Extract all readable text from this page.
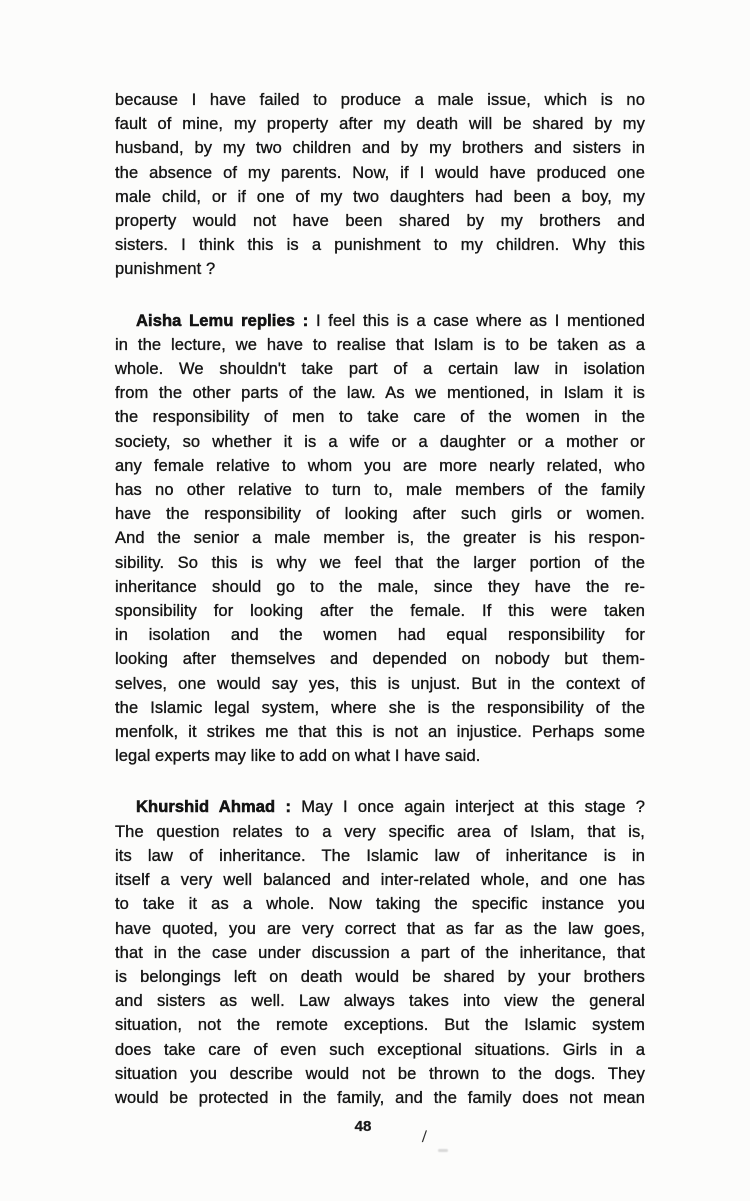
because I have failed to produce a male issue, which is no
fault of mine, my property after my death will be shared by my
husband, by my two children and by my brothers and sisters in
the absence of my parents. Now, if I would have produced one
male child, or if one of my two daughters had been a boy, my
property would not have been shared by my brothers and
sisters. I think this is a punishment to my children. Why this
punishment ?
Aisha Lemu replies : I feel this is a case where as I mentioned
in the lecture, we have to realise that Islam is to be taken as a
whole. We shouldn't take part of a certain law in isolation
from the other parts of the law. As we mentioned, in Islam it is
the responsibility of men to take care of the women in the
society, so whether it is a wife or a daughter or a mother or
any female relative to whom you are more nearly related, who
has no other relative to turn to, male members of the family
have the responsibility of looking after such girls or women.
And the senior a male member is, the greater is his respon-
sibility. So this is why we feel that the larger portion of the
inheritance should go to the male, since they have the re-
sponsibility for looking after the female. If this were taken
in isolation and the women had equal responsibility for
looking after themselves and depended on nobody but them-
selves, one would say yes, this is unjust. But in the context of
the Islamic legal system, where she is the responsibility of the
menfolk, it strikes me that this is not an injustice. Perhaps some
legal experts may like to add on what I have said.
Khurshid Ahmad : May I once again interject at this stage ?
The question relates to a very specific area of Islam, that is,
its law of inheritance. The Islamic law of inheritance is in
itself a very well balanced and inter-related whole, and one has
to take it as a whole. Now taking the specific instance you
have quoted, you are very correct that as far as the law goes,
that in the case under discussion a part of the inheritance, that
is belongings left on death would be shared by your brothers
and sisters as well. Law always takes into view the general
situation, not the remote exceptions. But the Islamic system
does take care of even such exceptional situations. Girls in a
situation you describe would not be thrown to the dogs. They
would be protected in the family, and the family does not mean
48
/
